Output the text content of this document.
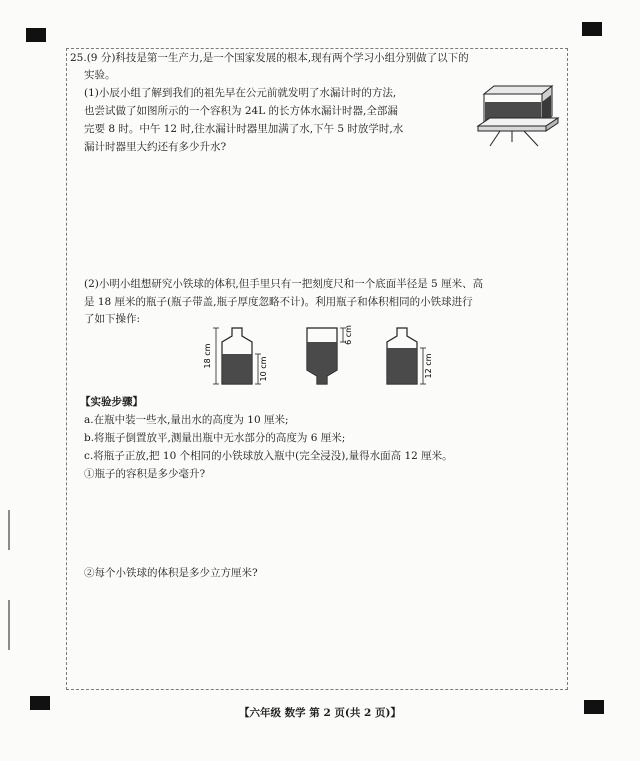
25.(9 分)科技是第一生产力,是一个国家发展的根本,现有两个学习小组分别做了以下的
实验。
(1)小辰小组了解到我们的祖先早在公元前就发明了水漏计时的方法,
也尝试做了如图所示的一个容积为 24L 的长方体水漏计时器,全部漏
完要 8 时。中午 12 时,往水漏计时器里加满了水,下午 5 时放学时,水
漏计时器里大约还有多少升水?
(2)小明小组想研究小铁球的体积,但手里只有一把刻度尺和一个底面半径是 5 厘米、高
是 18 厘米的瓶子(瓶子带盖,瓶子厚度忽略不计)。利用瓶子和体积相同的小铁球进行
了如下操作:
18 cm
10 cm
6 cm
12 cm
【实验步骤】
a.在瓶中装一些水,量出水的高度为 10 厘米;
b.将瓶子倒置放平,测量出瓶中无水部分的高度为 6 厘米;
c.将瓶子正放,把 10 个相同的小铁球放入瓶中(完全浸没),量得水面高 12 厘米。
①瓶子的容积是多少毫升?
②每个小铁球的体积是多少立方厘米?
【六年级 数学 第 2 页(共 2 页)】
